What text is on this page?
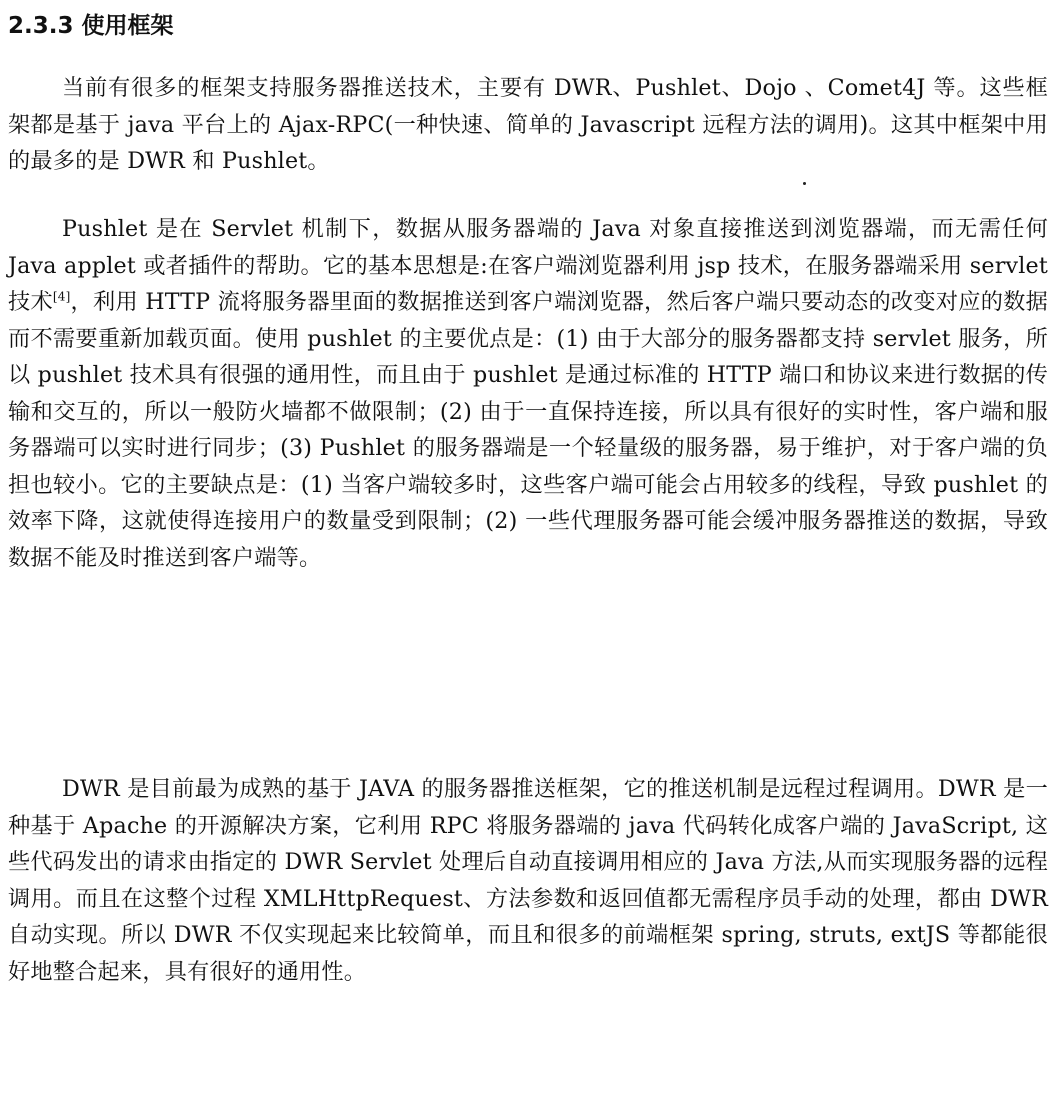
2.3.3 使用框架

当前有很多的框架支持服务器推送技术，主要有 DWR、Pushlet、Dojo 、Comet4J 等。这些框架都是基于 java 平台上的 Ajax-RPC(一种快速、简单的 Javascript 远程方法的调用)。这其中框架中用的最多的是 DWR 和 Pushlet。

Pushlet 是在 Servlet 机制下，数据从服务器端的 Java 对象直接推送到浏览器端，而无需任何 Java applet 或者插件的帮助。它的基本思想是:在客户端浏览器利用 jsp 技术，在服务器端采用 servlet 技术[4]，利用 HTTP 流将服务器里面的数据推送到客户端浏览器，然后客户端只要动态的改变对应的数据而不需要重新加载页面。使用 pushlet 的主要优点是：(1) 由于大部分的服务器都支持 servlet 服务，所以 pushlet 技术具有很强的通用性，而且由于 pushlet 是通过标准的 HTTP 端口和协议来进行数据的传输和交互的，所以一般防火墙都不做限制；(2) 由于一直保持连接，所以具有很好的实时性，客户端和服务器端可以实时进行同步；(3) Pushlet 的服务器端是一个轻量级的服务器，易于维护，对于客户端的负担也较小。它的主要缺点是：(1) 当客户端较多时，这些客户端可能会占用较多的线程，导致 pushlet 的效率下降，这就使得连接用户的数量受到限制；(2) 一些代理服务器可能会缓冲服务器推送的数据，导致数据不能及时推送到客户端等。

DWR 是目前最为成熟的基于 JAVA 的服务器推送框架，它的推送机制是远程过程调用。DWR 是一种基于 Apache 的开源解决方案，它利用 RPC 将服务器端的 java 代码转化成客户端的 JavaScript, 这些代码发出的请求由指定的 DWR Servlet 处理后自动直接调用相应的 Java 方法,从而实现服务器的远程调用。而且在这整个过程 XMLHttpRequest、方法参数和返回值都无需程序员手动的处理，都由 DWR 自动实现。所以 DWR 不仅实现起来比较简单，而且和很多的前端框架 spring, struts, extJS 等都能很好地整合起来，具有很好的通用性。
